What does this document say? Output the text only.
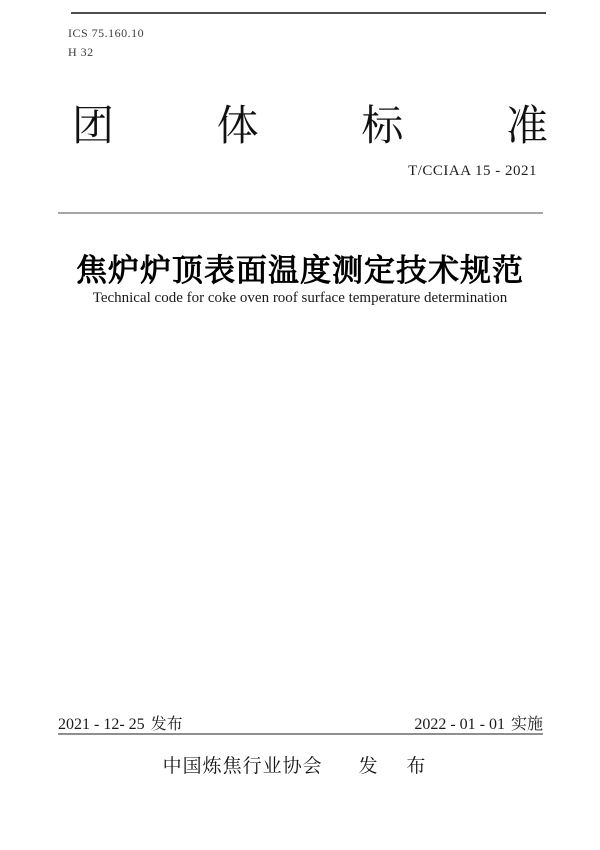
ICS 75.160.10
H 32
团 体 标 准
T/CCIAA 15 - 2021
焦炉炉顶表面温度测定技术规范
Technical code for coke oven roof surface temperature determination
2021 - 12- 25 发布	2022 - 01 - 01 实施
中国炼焦行业协会 发 布
